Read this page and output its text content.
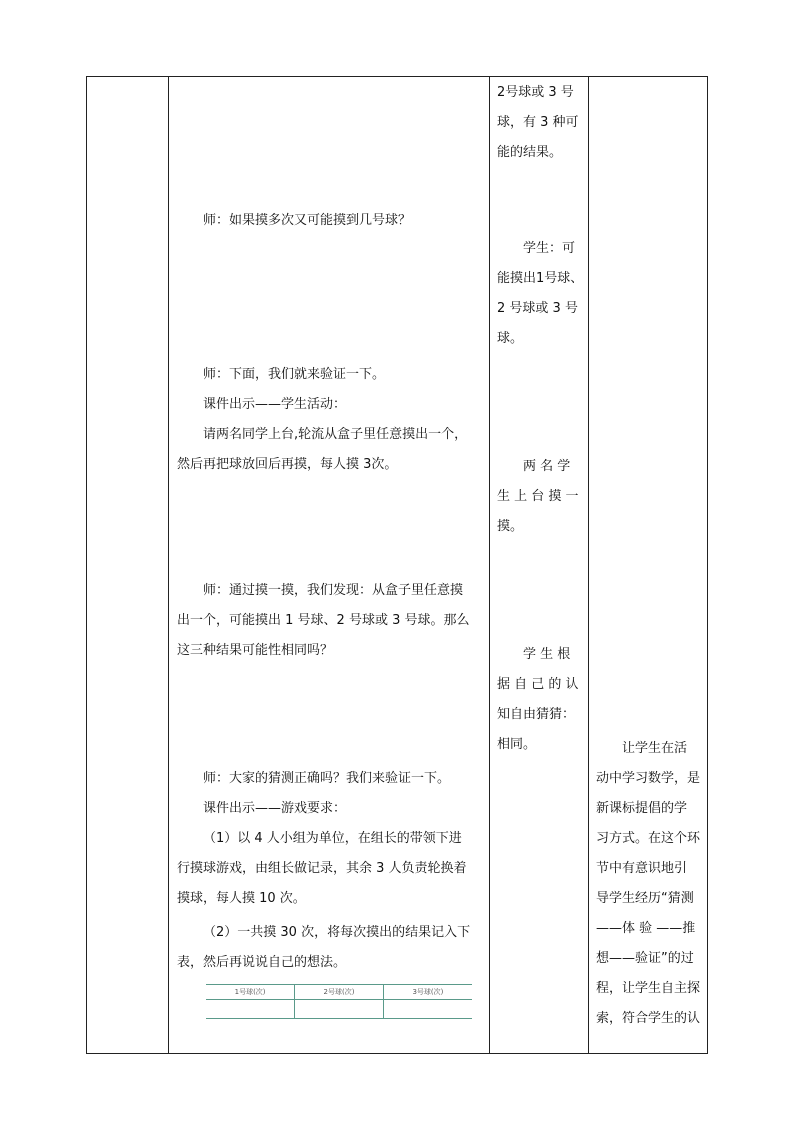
2号球或 3 号
球，有 3 种可
能的结果。
学生：可
能摸出1号球、
2 号球或 3 号
球。
两 名 学
生 上 台 摸 一
摸。
学 生 根
据 自 己 的 认
知自由猜猜：
相同。
师：如果摸多次又可能摸到几号球？
师：下面，我们就来验证一下。
课件出示——学生活动：
请两名同学上台,轮流从盒子里任意摸出一个，
然后再把球放回后再摸，每人摸 3次。
师：通过摸一摸，我们发现：从盒子里任意摸
出一个，可能摸出 1 号球、2 号球或 3 号球。那么
这三种结果可能性相同吗？
师：大家的猜测正确吗？我们来验证一下。
课件出示——游戏要求：
（1）以 4 人小组为单位，在组长的带领下进
行摸球游戏，由组长做记录，其余 3 人负责轮换着
摸球，每人摸 10 次。
（2）一共摸 30 次，将每次摸出的结果记入下
表，然后再说说自己的想法。
1号球(次)	2号球(次)	3号球(次)

让学生在活
动中学习数学，是
新课标提倡的学
习方式。在这个环
节中有意识地引
导学生经历“猜测
——体 验 ——推
想——验证”的过
程，让学生自主探
索，符合学生的认
